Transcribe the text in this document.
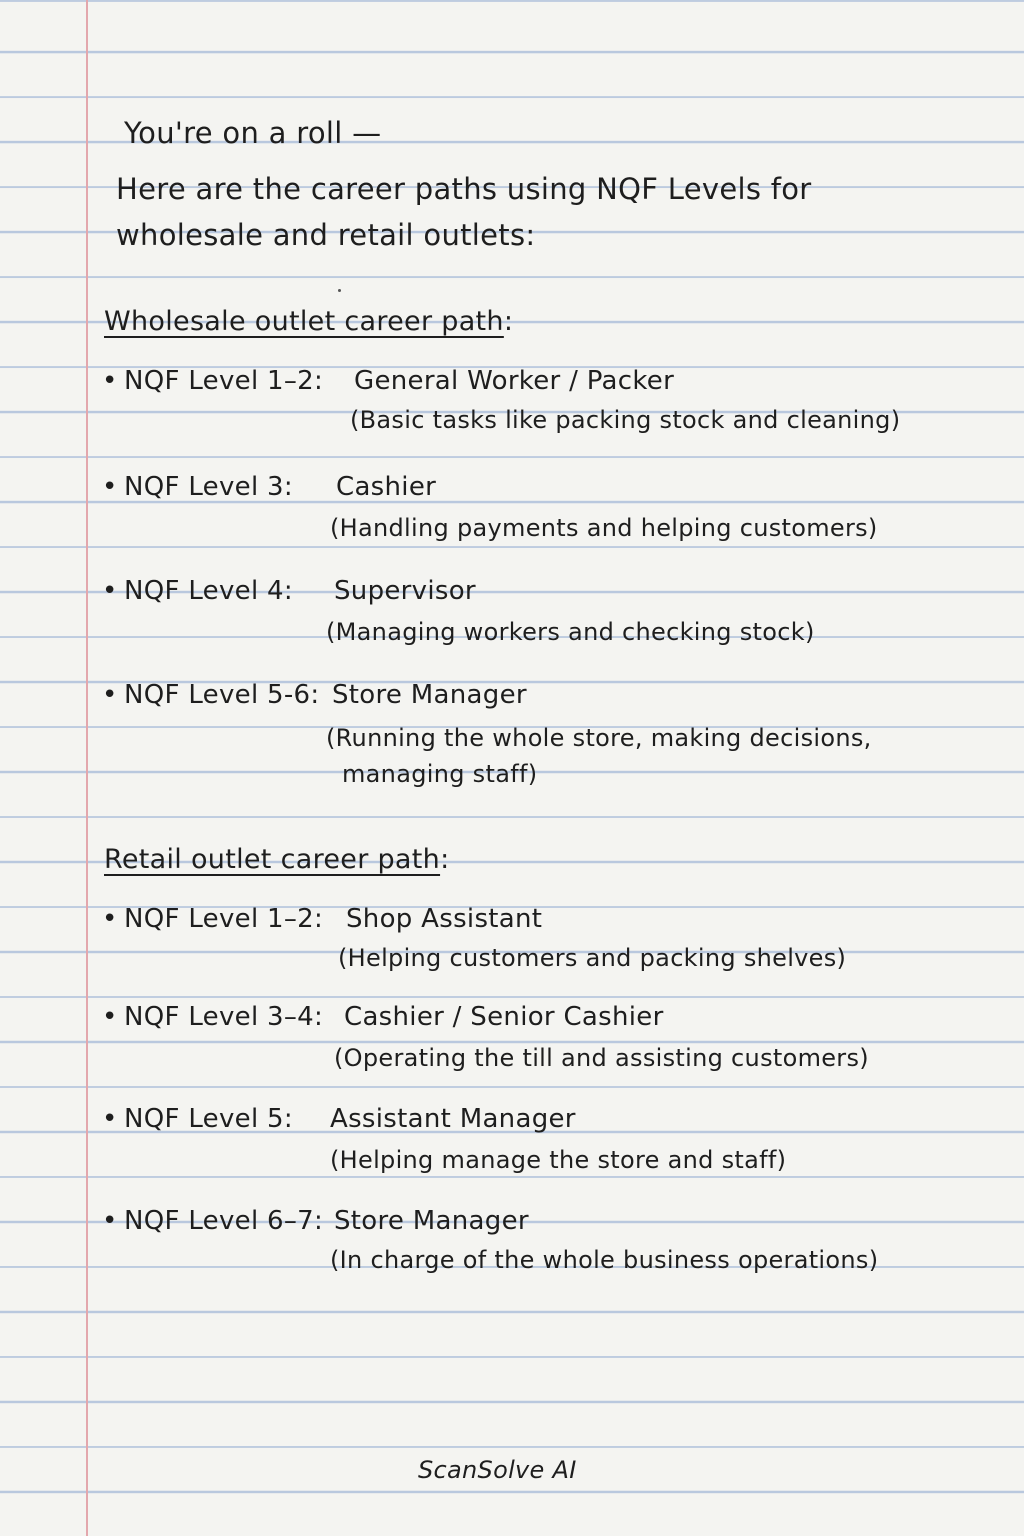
You're on a roll —
Here are the career paths using NQF Levels for
wholesale and retail outlets:
Wholesale outlet career path:
• NQF Level 1–2: General Worker / Packer
(Basic tasks like packing stock and cleaning)
• NQF Level 3: Cashier
(Handling payments and helping customers)
• NQF Level 4: Supervisor
(Managing workers and checking stock)
• NQF Level 5-6: Store Manager
(Running the whole store, making decisions,
managing staff)
Retail outlet career path:
• NQF Level 1–2: Shop Assistant
(Helping customers and packing shelves)
• NQF Level 3–4: Cashier / Senior Cashier
(Operating the till and assisting customers)
• NQF Level 5: Assistant Manager
(Helping manage the store and staff)
• NQF Level 6–7: Store Manager
(In charge of the whole business operations)
ScanSolve AI
